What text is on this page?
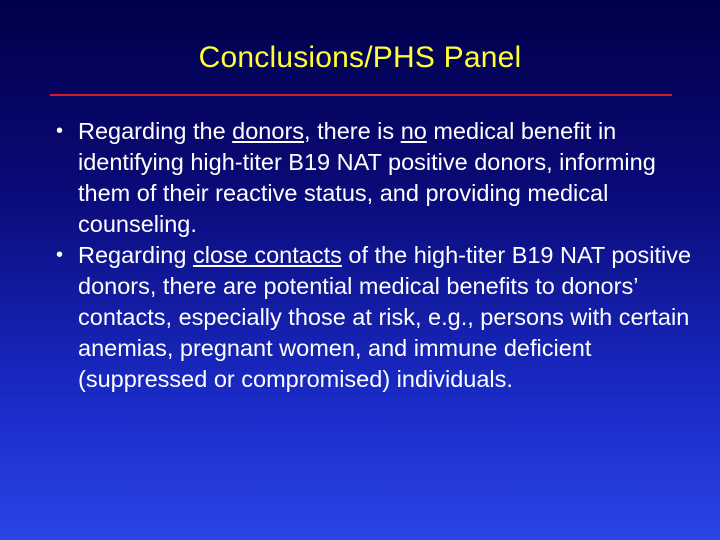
Conclusions/PHS Panel
• Regarding the donors, there is no medical benefit in identifying high-titer B19 NAT positive donors, informing them of their reactive status, and providing medical counseling.
• Regarding close contacts of the high-titer B19 NAT positive donors, there are potential medical benefits to donors’ contacts, especially those at risk, e.g., persons with certain anemias, pregnant women, and immune deficient (suppressed or compromised) individuals.
